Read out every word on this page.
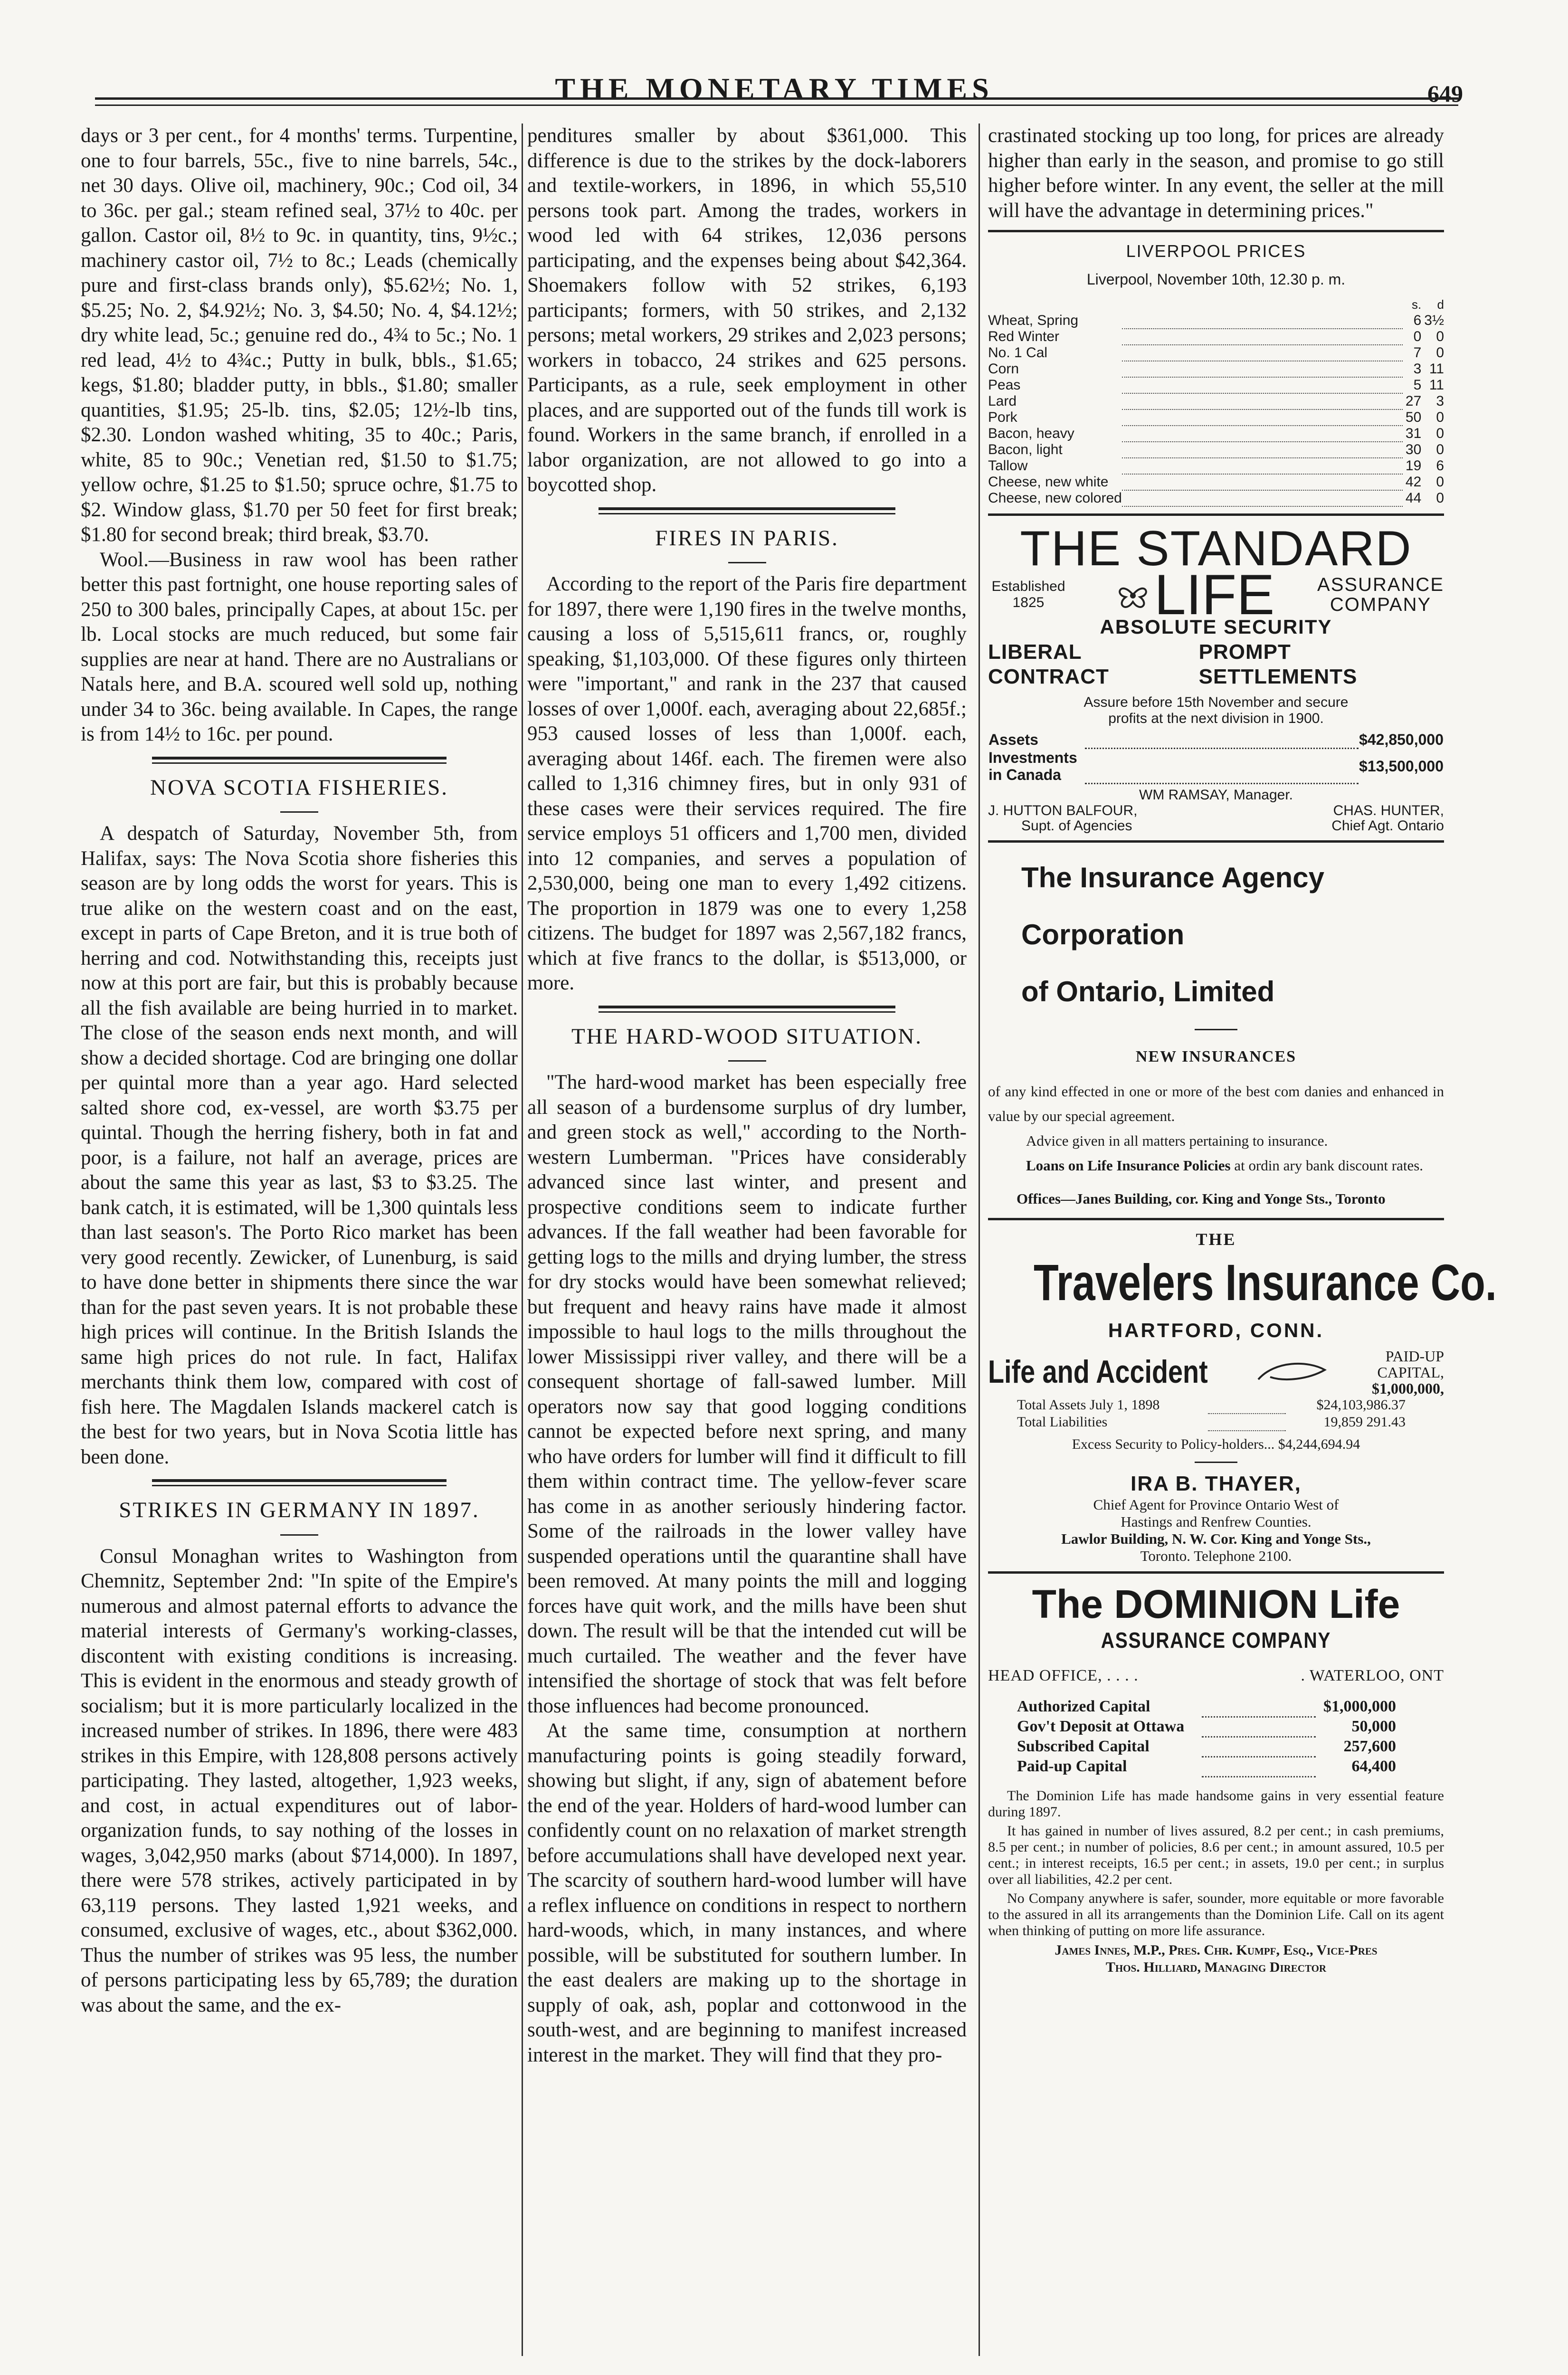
THE MONETARY TIMES	649

days or 3 per cent., for 4 months' terms. Turpentine, one to four barrels, 55c., five to nine barrels, 54c., net 30 days. Olive oil, machinery, 90c.; Cod oil, 34 to 36c. per gal.; steam refined seal, 37½ to 40c. per gallon. Castor oil, 8½ to 9c. in quantity, tins, 9½c.; machinery castor oil, 7½ to 8c.; Leads (chemically pure and first-class brands only), $5.62½; No. 1, $5.25; No. 2, $4.92½; No. 3, $4.50; No. 4, $4.12½; dry white lead, 5c.; genuine red do., 4¾ to 5c.; No. 1 red lead, 4½ to 4¾c.; Putty in bulk, bbls., $1.65; kegs, $1.80; bladder putty, in bbls., $1.80; smaller quantities, $1.95; 25-lb. tins, $2.05; 12½-lb tins, $2.30. London washed whiting, 35 to 40c.; Paris, white, 85 to 90c.; Venetian red, $1.50 to $1.75; yellow ochre, $1.25 to $1.50; spruce ochre, $1.75 to $2. Window glass, $1.70 per 50 feet for first break; $1.80 for second break; third break, $3.70.

Wool.—Business in raw wool has been rather better this past fortnight, one house reporting sales of 250 to 300 bales, principally Capes, at about 15c. per lb. Local stocks are much reduced, but some fair supplies are near at hand. There are no Australians or Natals here, and B.A. scoured well sold up, nothing under 34 to 36c. being available. In Capes, the range is from 14½ to 16c. per pound.

NOVA SCOTIA FISHERIES.

A despatch of Saturday, November 5th, from Halifax, says: The Nova Scotia shore fisheries this season are by long odds the worst for years. This is true alike on the western coast and on the east, except in parts of Cape Breton, and it is true both of herring and cod. Notwithstanding this, receipts just now at this port are fair, but this is probably because all the fish available are being hurried in to market. The close of the season ends next month, and will show a decided shortage. Cod are bringing one dollar per quintal more than a year ago. Hard selected salted shore cod, ex-vessel, are worth $3.75 per quintal. Though the herring fishery, both in fat and poor, is a failure, not half an average, prices are about the same this year as last, $3 to $3.25. The bank catch, it is estimated, will be 1,300 quintals less than last season's. The Porto Rico market has been very good recently. Zewicker, of Lunenburg, is said to have done better in shipments there since the war than for the past seven years. It is not probable these high prices will continue. In the British Islands the same high prices do not rule. In fact, Halifax merchants think them low, compared with cost of fish here. The Magdalen Islands mackerel catch is the best for two years, but in Nova Scotia little has been done.

STRIKES IN GERMANY IN 1897.

Consul Monaghan writes to Washington from Chemnitz, September 2nd: "In spite of the Empire's numerous and almost paternal efforts to advance the material interests of Germany's working-classes, discontent with existing conditions is increasing. This is evident in the enormous and steady growth of socialism; but it is more particularly localized in the increased number of strikes. In 1896, there were 483 strikes in this Empire, with 128,808 persons actively participating. They lasted, altogether, 1,923 weeks, and cost, in actual expenditures out of labor-organization funds, to say nothing of the losses in wages, 3,042,950 marks (about $714,000). In 1897, there were 578 strikes, actively participated in by 63,119 persons. They lasted 1,921 weeks, and consumed, exclusive of wages, etc., about $362,000. Thus the number of strikes was 95 less, the number of persons participating less by 65,789; the duration was about the same, and the ex-

penditures smaller by about $361,000. This difference is due to the strikes by the dock-laborers and textile-workers, in 1896, in which 55,510 persons took part. Among the trades, workers in wood led with 64 strikes, 12,036 persons participating, and the expenses being about $42,364. Shoemakers follow with 52 strikes, 6,193 participants; formers, with 50 strikes, and 2,132 persons; metal workers, 29 strikes and 2,023 persons; workers in tobacco, 24 strikes and 625 persons. Participants, as a rule, seek employment in other places, and are supported out of the funds till work is found. Workers in the same branch, if enrolled in a labor organization, are not allowed to go into a boycotted shop.

FIRES IN PARIS.

According to the report of the Paris fire department for 1897, there were 1,190 fires in the twelve months, causing a loss of 5,515,611 francs, or, roughly speaking, $1,103,000. Of these figures only thirteen were "important," and rank in the 237 that caused losses of over 1,000f. each, averaging about 22,685f.; 953 caused losses of less than 1,000f. each, averaging about 146f. each. The firemen were also called to 1,316 chimney fires, but in only 931 of these cases were their services required. The fire service employs 51 officers and 1,700 men, divided into 12 companies, and serves a population of 2,530,000, being one man to every 1,492 citizens. The proportion in 1879 was one to every 1,258 citizens. The budget for 1897 was 2,567,182 francs, which at five francs to the dollar, is $513,000, or more.

THE HARD-WOOD SITUATION.

"The hard-wood market has been especially free all season of a burdensome surplus of dry lumber, and green stock as well," according to the North-western Lumberman. "Prices have considerably advanced since last winter, and present and prospective conditions seem to indicate further advances. If the fall weather had been favorable for getting logs to the mills and drying lumber, the stress for dry stocks would have been somewhat relieved; but frequent and heavy rains have made it almost impossible to haul logs to the mills throughout the lower Mississippi river valley, and there will be a consequent shortage of fall-sawed lumber. Mill operators now say that good logging conditions cannot be expected before next spring, and many who have orders for lumber will find it difficult to fill them within contract time. The yellow-fever scare has come in as another seriously hindering factor. Some of the railroads in the lower valley have suspended operations until the quarantine shall have been removed. At many points the mill and logging forces have quit work, and the mills have been shut down. The result will be that the intended cut will be much curtailed. The weather and the fever have intensified the shortage of stock that was felt before those influences had become pronounced.

At the same time, consumption at northern manufacturing points is going steadily forward, showing but slight, if any, sign of abatement before the end of the year. Holders of hard-wood lumber can confidently count on no relaxation of market strength before accumulations shall have developed next year. The scarcity of southern hard-wood lumber will have a reflex influence on conditions in respect to northern hard-woods, which, in many instances, and where possible, will be substituted for southern lumber. In the east dealers are making up to the shortage in supply of oak, ash, poplar and cottonwood in the south-west, and are beginning to manifest increased interest in the market. They will find that they pro-

crastinated stocking up too long, for prices are already higher than early in the season, and promise to go still higher before winter. In any event, the seller at the mill will have the advantage in determining prices."

LIVERPOOL PRICES
Liverpool, November 10th, 12.30 p. m.
		s.	d
Wheat, Spring		6	3½
Red Winter		0	0
No. 1 Cal		7	0
Corn		3	11
Peas		5	11
Lard		27	3
Pork		50	0
Bacon, heavy		31	0
Bacon, light		30	0
Tallow		19	6
Cheese, new white		42	0
Cheese, new colored		44	0
THE STANDARD
Established
1825	LIFE ASSURANCE
COMPANY
ABSOLUTE SECURITY
LIBERAL CONTRACT
PROMPT SETTLEMENTS
Assure before 15th November and secure
profits at the next division in 1900.
Assets		$42,850,000
Investments in Canada		$13,500,000
WM RAMSAY, Manager.
J. HUTTON BALFOUR,	CHAS. HUNTER,
Supt. of Agencies	Chief Agt. Ontario
The Insurance Agency
Corporation
of Ontario, Limited
NEW INSURANCES
of any kind effected in one or more of the best com danies and enhanced in value by our special agreement.
Advice given in all matters pertaining to insurance.
Loans on Life Insurance Policies at ordin ary bank discount rates.
Offices—Janes Building, cor. King and Yonge Sts., Toronto
THE
Travelers Insurance Co.
HARTFORD, CONN.
Life and Accident	PAID-UP CAPITAL,
$1,000,000,
Total Assets July 1, 1898		$24,103,986.37
Total Liabilities		19,859 291.43
Excess Security to Policy-holders... $4,244,694.94
IRA B. THAYER,
Chief Agent for Province Ontario West of
Hastings and Renfrew Counties.
Lawlor Building, N. W. Cor. King and Yonge Sts.,
Toronto. Telephone 2100.
The DOMINION Life
ASSURANCE COMPANY
HEAD OFFICE, . . . .	. WATERLOO, ONT
Authorized Capital		$1,000,000
Gov't Deposit at Ottawa		50,000
Subscribed Capital		257,600
Paid-up Capital		64,400

The Dominion Life has made handsome gains in very essential feature during 1897.

It has gained in number of lives assured, 8.2 per cent.; in cash premiums, 8.5 per cent.; in number of policies, 8.6 per cent.; in amount assured, 10.5 per cent.; in interest receipts, 16.5 per cent.; in assets, 19.0 per cent.; in surplus over all liabilities, 42.2 per cent.

No Company anywhere is safer, sounder, more equitable or more favorable to the assured in all its arrangements than the Dominion Life. Call on its agent when thinking of putting on more life assurance.

James Innes, M.P., Pres. Chr. Kumpf, Esq., Vice-Pres
Thos. Hilliard, Managing Director
